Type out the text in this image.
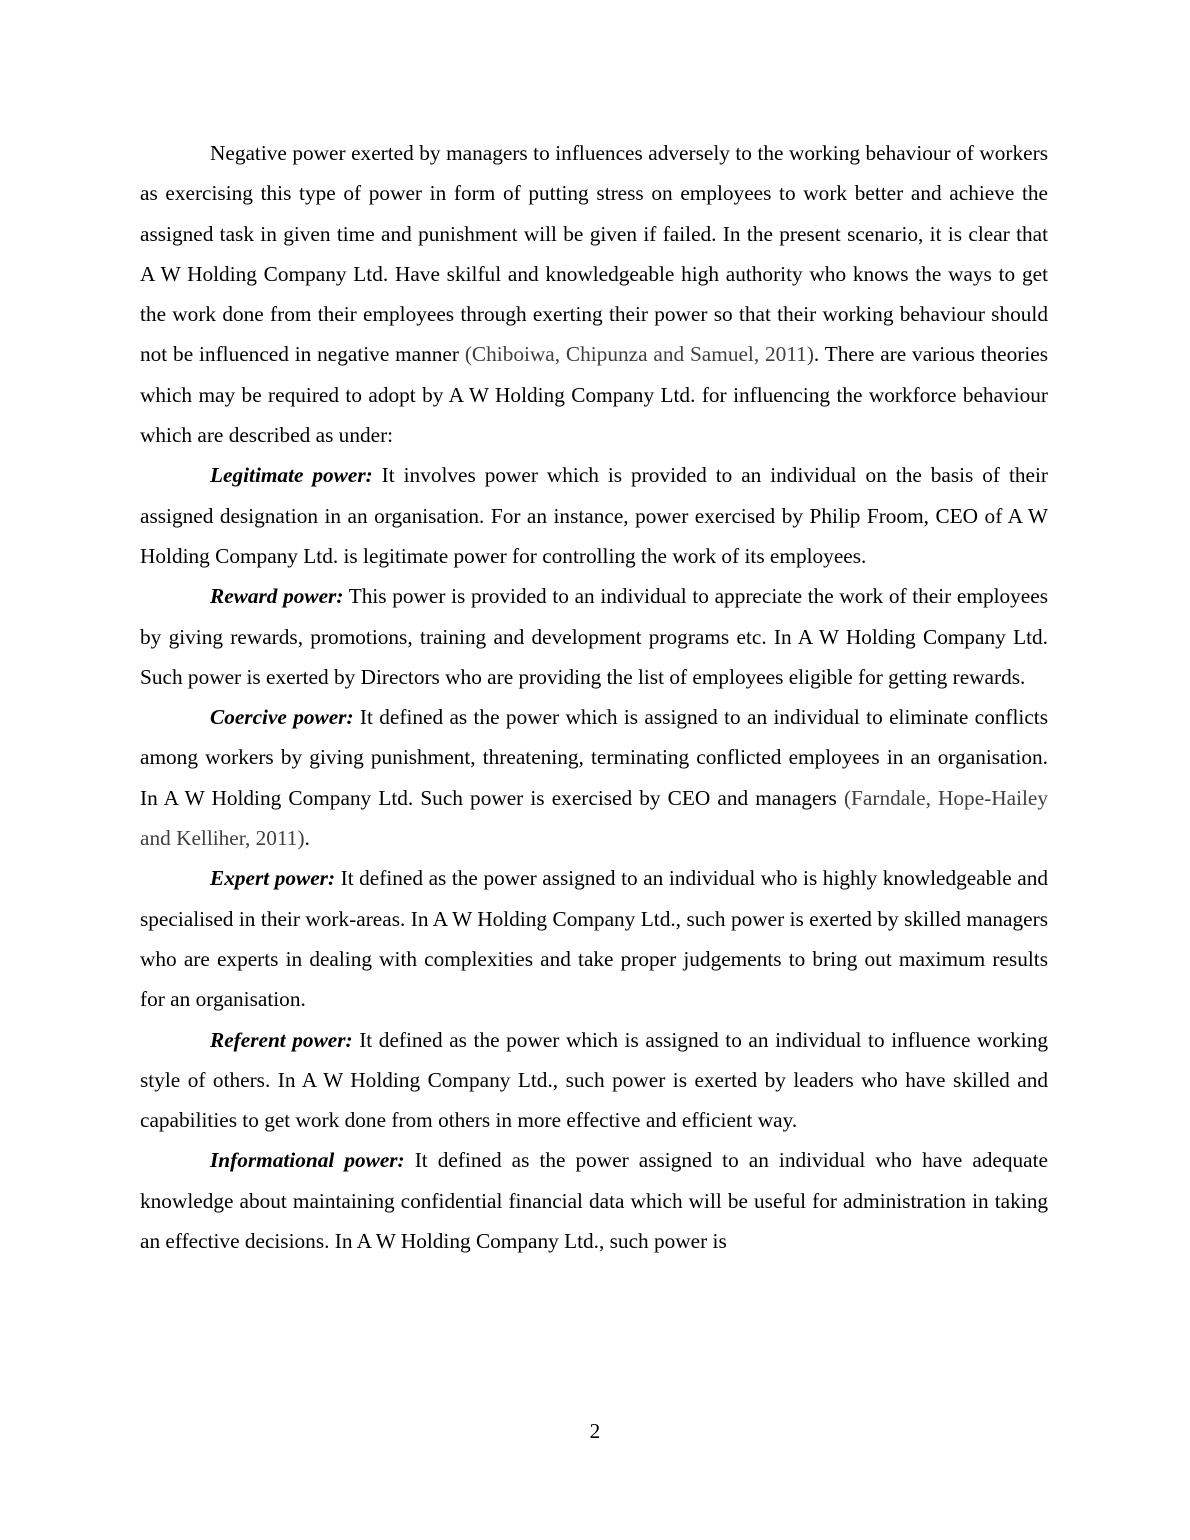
Negative power exerted by managers to influences adversely to the working behaviour of workers as exercising this type of power in form of putting stress on employees to work better and achieve the assigned task in given time and punishment will be given if failed. In the present scenario, it is clear that A W Holding Company Ltd. Have skilful and knowledgeable high authority who knows the ways to get the work done from their employees through exerting their power so that their working behaviour should not be influenced in negative manner (Chiboiwa, Chipunza and Samuel, 2011). There are various theories which may be required to adopt by A W Holding Company Ltd. for influencing the workforce behaviour which are described as under:

Legitimate power: It involves power which is provided to an individual on the basis of their assigned designation in an organisation. For an instance, power exercised by Philip Froom, CEO of A W Holding Company Ltd. is legitimate power for controlling the work of its employees.

Reward power: This power is provided to an individual to appreciate the work of their employees by giving rewards, promotions, training and development programs etc. In A W Holding Company Ltd. Such power is exerted by Directors who are providing the list of employees eligible for getting rewards.

Coercive power: It defined as the power which is assigned to an individual to eliminate conflicts among workers by giving punishment, threatening, terminating conflicted employees in an organisation. In A W Holding Company Ltd. Such power is exercised by CEO and managers (Farndale, Hope-Hailey and Kelliher, 2011).

Expert power: It defined as the power assigned to an individual who is highly knowledgeable and specialised in their work-areas. In A W Holding Company Ltd., such power is exerted by skilled managers who are experts in dealing with complexities and take proper judgements to bring out maximum results for an organisation.

Referent power: It defined as the power which is assigned to an individual to influence working style of others. In A W Holding Company Ltd., such power is exerted by leaders who have skilled and capabilities to get work done from others in more effective and efficient way.

Informational power: It defined as the power assigned to an individual who have adequate knowledge about maintaining confidential financial data which will be useful for administration in taking an effective decisions. In A W Holding Company Ltd., such power is

2
